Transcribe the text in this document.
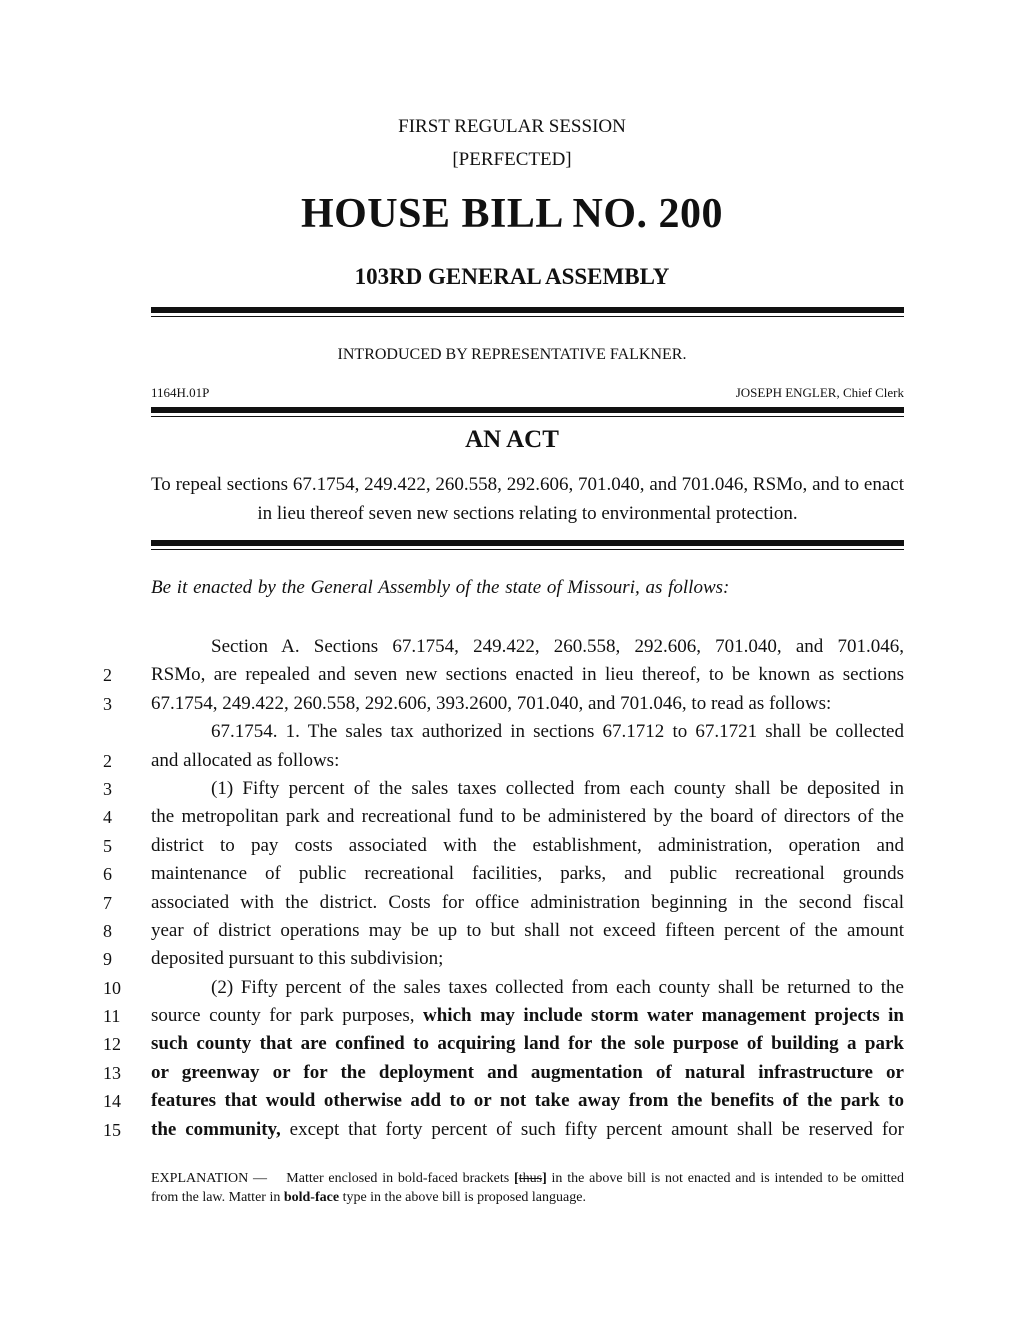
FIRST REGULAR SESSION
[PERFECTED]
HOUSE BILL NO. 200
103RD GENERAL ASSEMBLY
INTRODUCED BY REPRESENTATIVE FALKNER.
1164H.01P	JOSEPH ENGLER, Chief Clerk
AN ACT
To repeal sections 67.1754, 249.422, 260.558, 292.606, 701.040, and 701.046, RSMo, and to enact in lieu thereof seven new sections relating to environmental protection.
Be it enacted by the General Assembly of the state of Missouri, as follows:
Section A. Sections 67.1754, 249.422, 260.558, 292.606, 701.040, and 701.046,
2	RSMo, are repealed and seven new sections enacted in lieu thereof, to be known as sections
3	67.1754, 249.422, 260.558, 292.606, 393.2600, 701.040, and 701.046, to read as follows:
67.1754. 1. The sales tax authorized in sections 67.1712 to 67.1721 shall be collected
2	and allocated as follows:
3	(1) Fifty percent of the sales taxes collected from each county shall be deposited in
4	the metropolitan park and recreational fund to be administered by the board of directors of the
5	district to pay costs associated with the establishment, administration, operation and
6	maintenance of public recreational facilities, parks, and public recreational grounds
7	associated with the district. Costs for office administration beginning in the second fiscal
8	year of district operations may be up to but shall not exceed fifteen percent of the amount
9	deposited pursuant to this subdivision;
10	(2) Fifty percent of the sales taxes collected from each county shall be returned to the
11	source county for park purposes, which may include storm water management projects in
12	such county that are confined to acquiring land for the sole purpose of building a park
13	or greenway or for the deployment and augmentation of natural infrastructure or
14	features that would otherwise add to or not take away from the benefits of the park to
15	the community, except that forty percent of such fifty percent amount shall be reserved for
EXPLANATION — Matter enclosed in bold-faced brackets [thus] in the above bill is not enacted and is intended to be omitted from the law. Matter in bold-face type in the above bill is proposed language.
